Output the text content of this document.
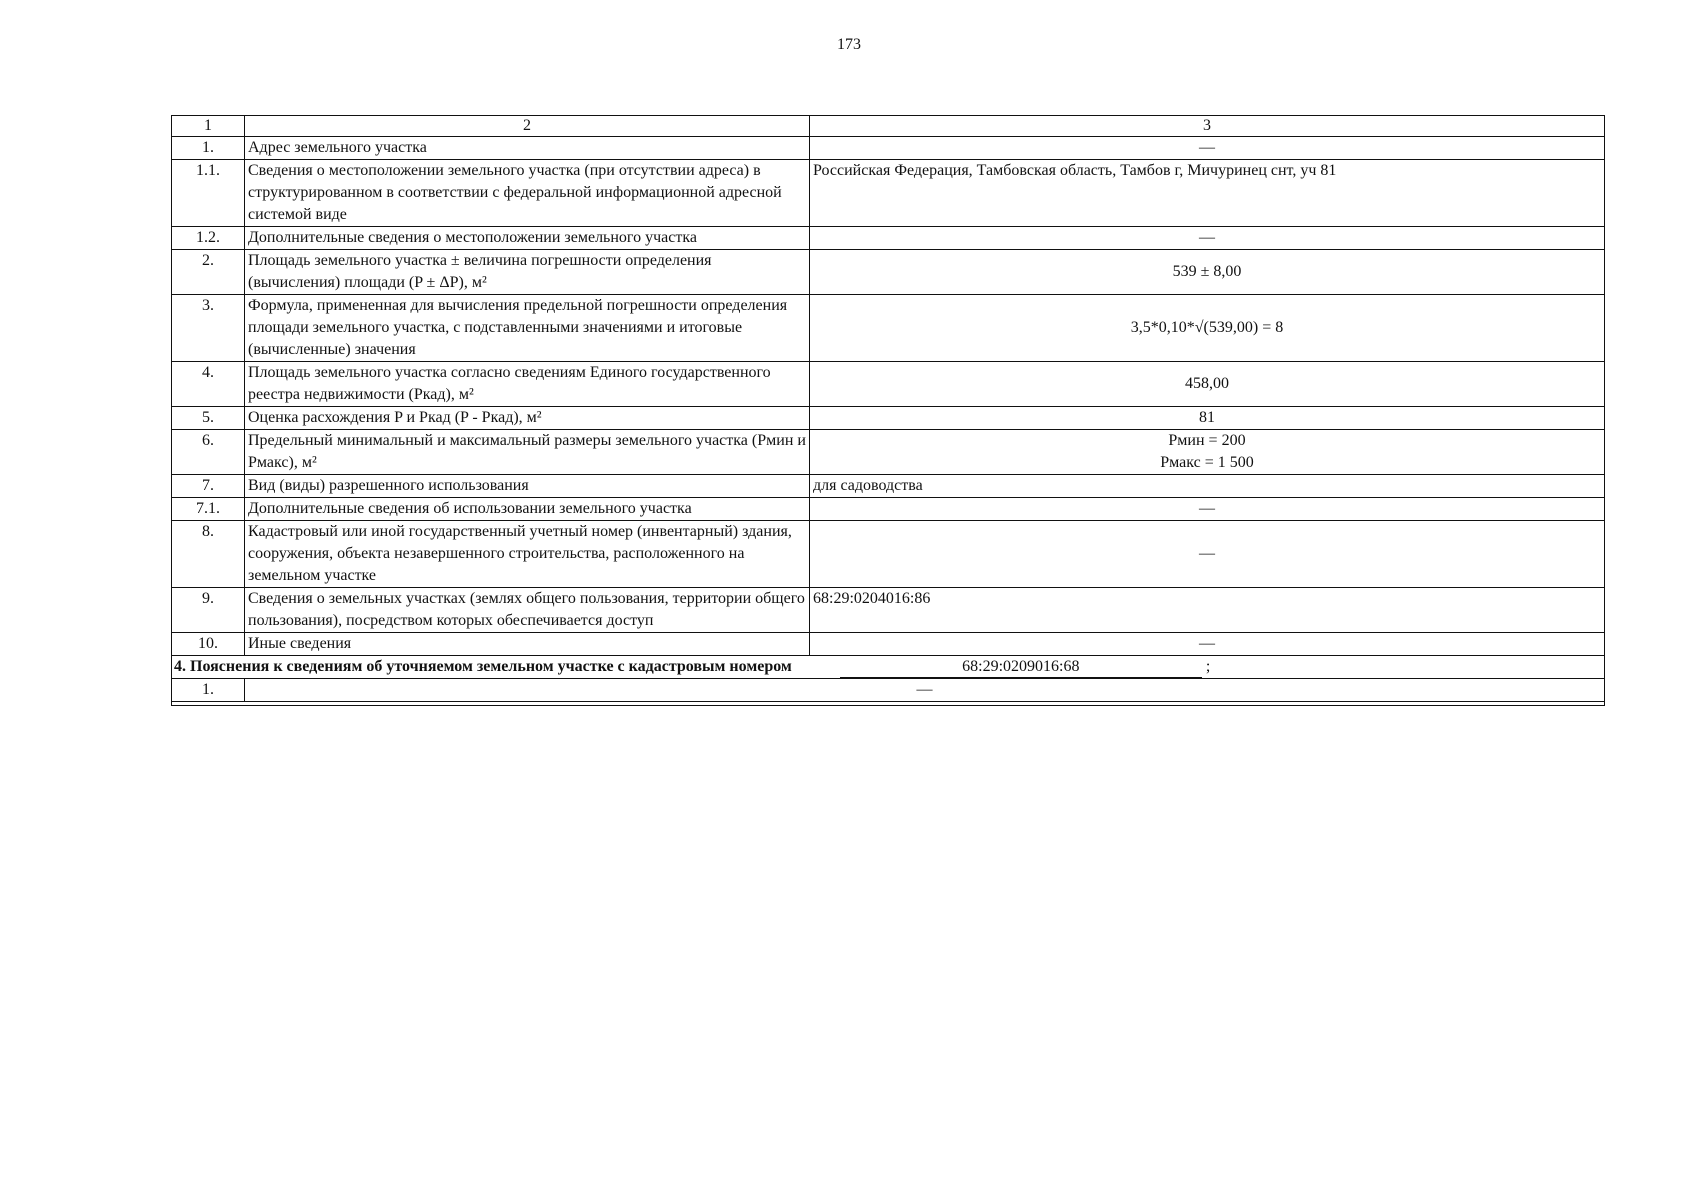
173
1	2	3
1.	Адрес земельного участка	—
1.1.	Сведения о местоположении земельного участка (при отсутствии адреса) в структурированном в соответствии с федеральной информационной адресной системой виде	Российская Федерация, Тамбовская область, Тамбов г, Мичуринец снт, уч 81
1.2.	Дополнительные сведения о местоположении земельного участка	—
2.	Площадь земельного участка ± величина погрешности определения (вычисления) площади (P ± ΔP), м²	539 ± 8,00
3.	Формула, примененная для вычисления предельной погрешности определения площади земельного участка, с подставленными значениями и итоговые (вычисленные) значения	3,5*0,10*√(539,00) = 8
4.	Площадь земельного участка согласно сведениям Единого государственного реестра недвижимости (Pкад), м²	458,00
5.	Оценка расхождения P и Pкад (P - Pкад), м²	81
6.	Предельный минимальный и максимальный размеры земельного участка (Pмин и Pмакс), м²	Pмин = 200
Pмакс = 1 500

7.	Вид (виды) разрешенного использования	для садоводства
7.1.	Дополнительные сведения об использовании земельного участка	—
8.	Кадастровый или иной государственный учетный номер (инвентарный) здания, сооружения, объекта незавершенного строительства, расположенного на земельном участке	—
9.	Сведения о земельных участках (землях общего пользования, территории общего пользования), посредством которых обеспечивается доступ	68:29:0204016:86
10.	Иные сведения	—

4. Пояснения к сведениям об уточняемом земельном участке с кадастровым номером 68:29:0209016:68 ;		

1.	—	
